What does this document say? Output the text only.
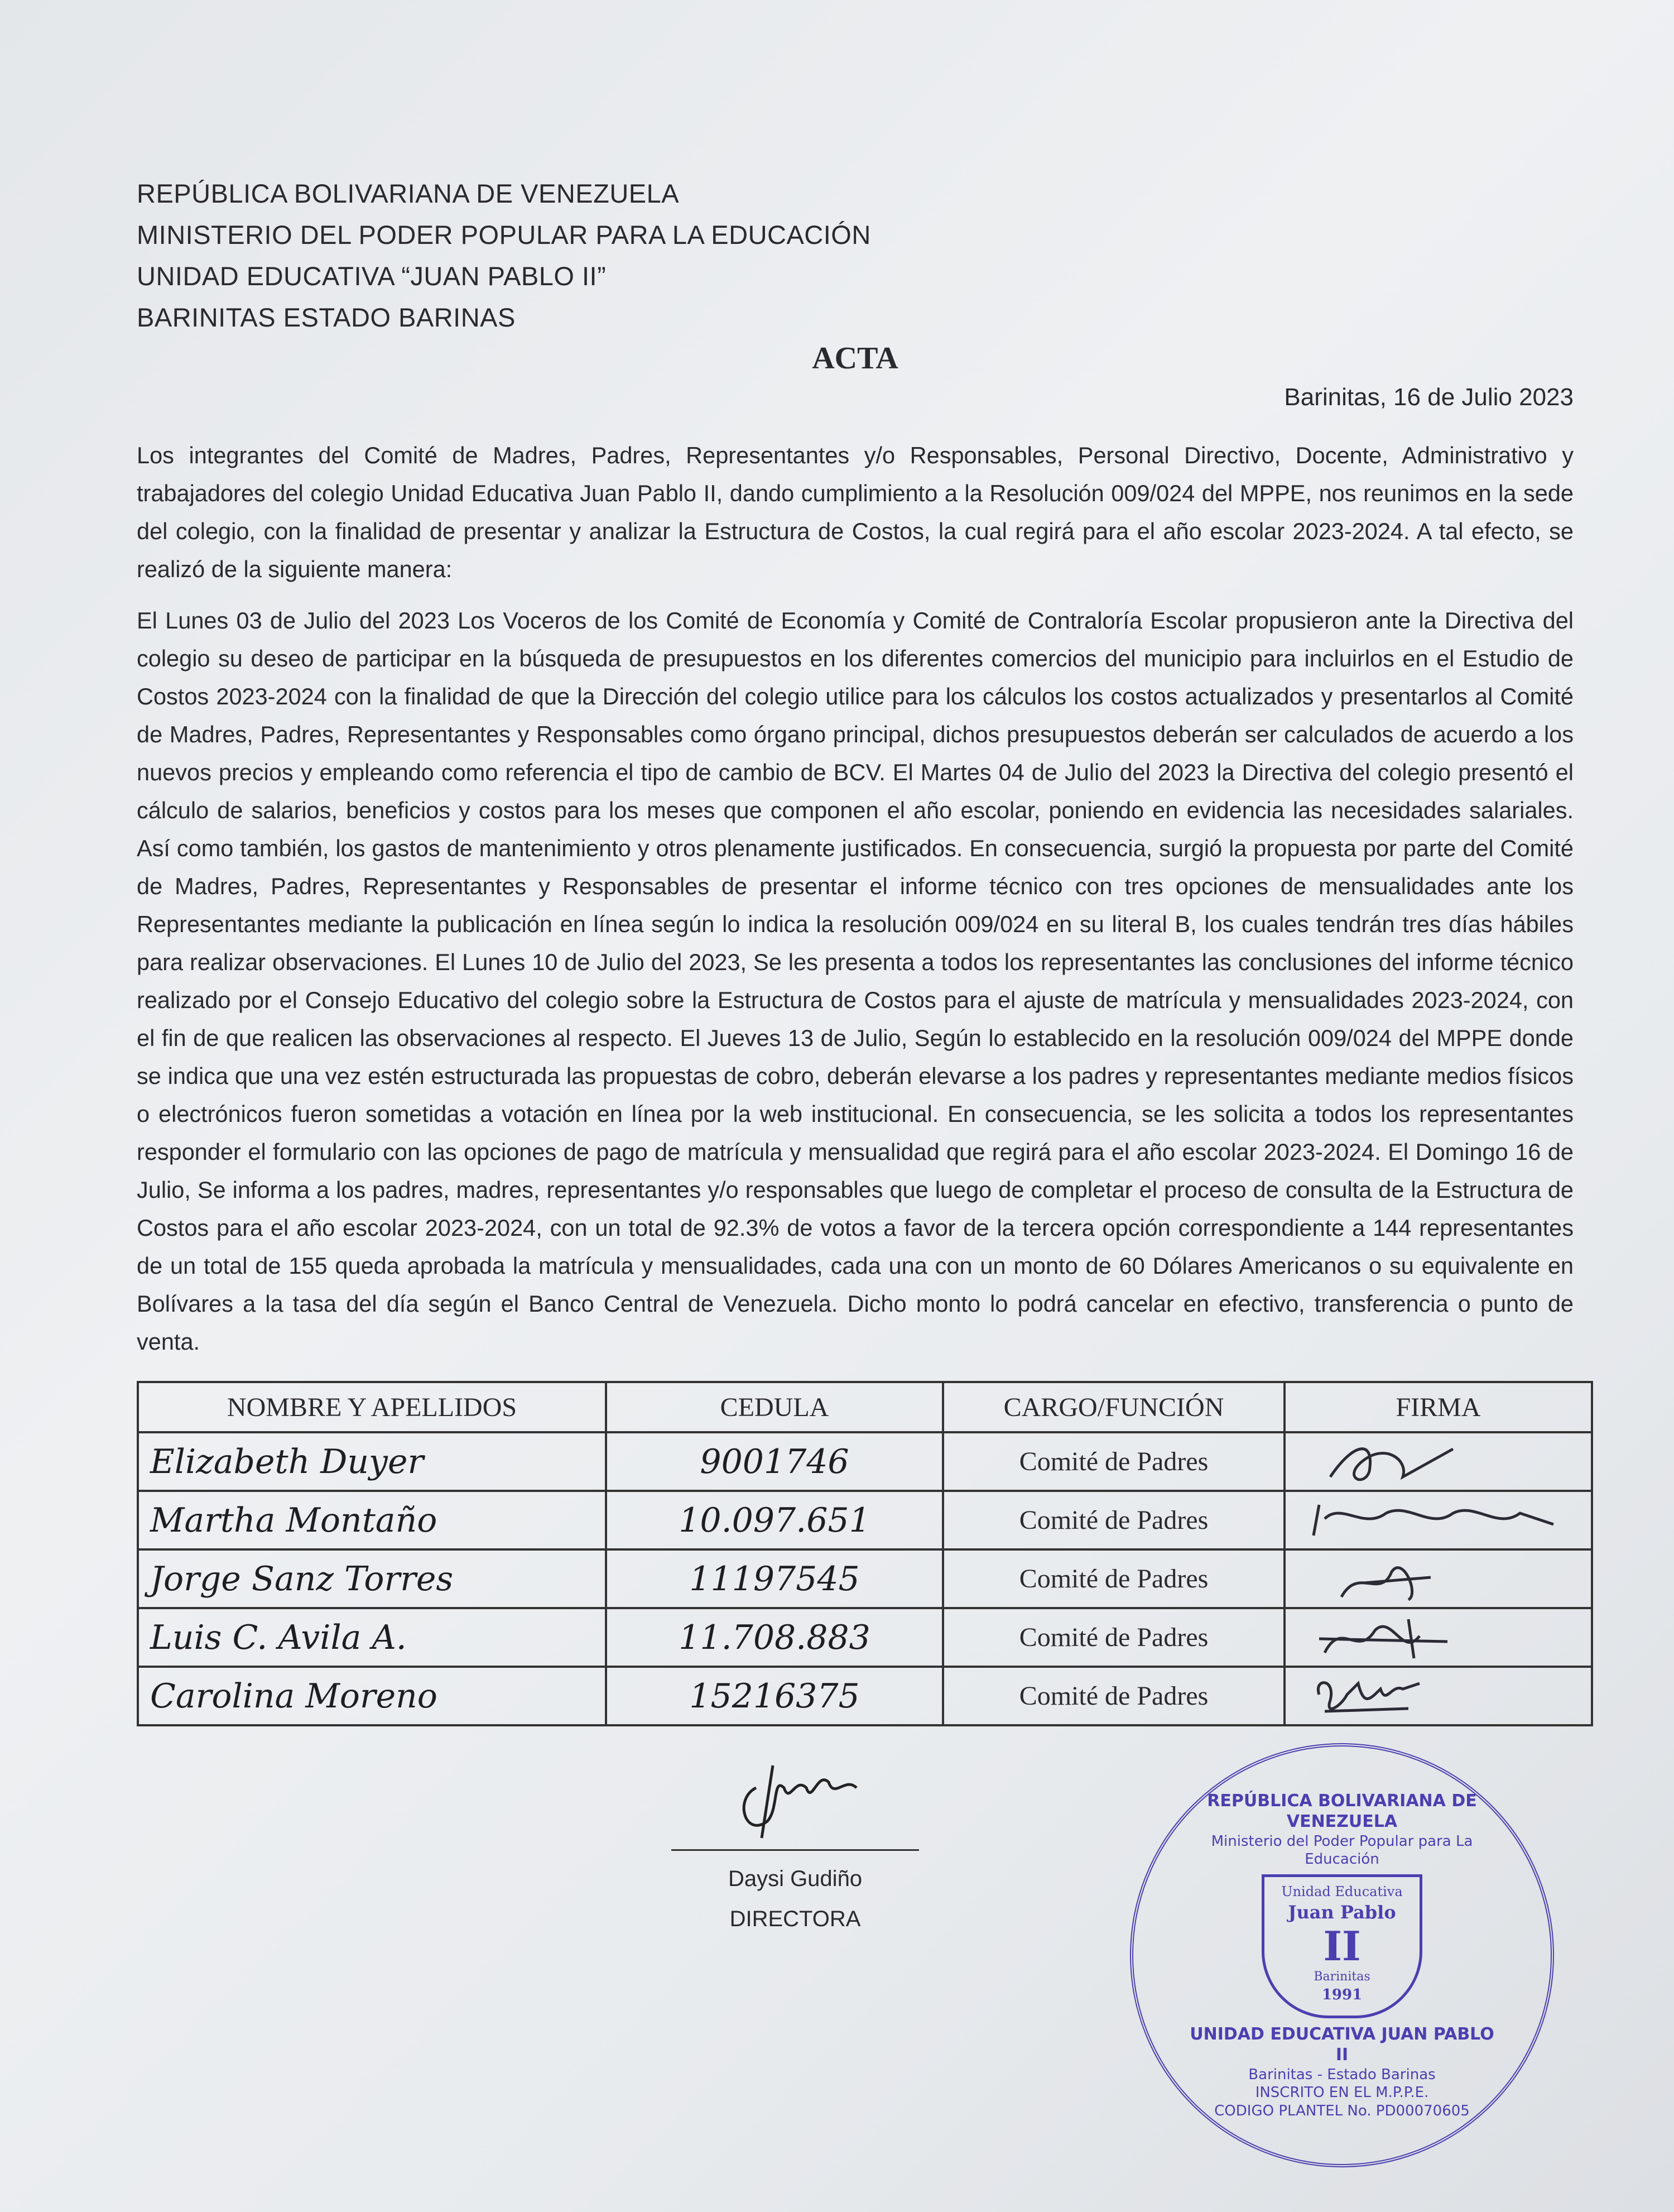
REPÚBLICA BOLIVARIANA DE VENEZUELA
MINISTERIO DEL PODER POPULAR PARA LA EDUCACIÓN
UNIDAD EDUCATIVA “JUAN PABLO II”
BARINITAS ESTADO BARINAS
ACTA
Barinitas, 16 de Julio 2023
Los integrantes del Comité de Madres, Padres, Representantes y/o Responsables, Personal Directivo, Docente, Administrativo y trabajadores del colegio Unidad Educativa Juan Pablo II, dando cumplimiento a la Resolución 009/024 del MPPE, nos reunimos en la sede del colegio, con la finalidad de presentar y analizar la Estructura de Costos, la cual regirá para el año escolar 2023-2024. A tal efecto, se realizó de la siguiente manera:
El Lunes 03 de Julio del 2023 Los Voceros de los Comité de Economía y Comité de Contraloría Escolar propusieron ante la Directiva del colegio su deseo de participar en la búsqueda de presupuestos en los diferentes comercios del municipio para incluirlos en el Estudio de Costos 2023-2024 con la finalidad de que la Dirección del colegio utilice para los cálculos los costos actualizados y presentarlos al Comité de Madres, Padres, Representantes y Responsables como órgano principal, dichos presupuestos deberán ser calculados de acuerdo a los nuevos precios y empleando como referencia el tipo de cambio de BCV. El Martes 04 de Julio del 2023 la Directiva del colegio presentó el cálculo de salarios, beneficios y costos para los meses que componen el año escolar, poniendo en evidencia las necesidades salariales. Así como también, los gastos de mantenimiento y otros plenamente justificados. En consecuencia, surgió la propuesta por parte del Comité de Madres, Padres, Representantes y Responsables de presentar el informe técnico con tres opciones de mensualidades ante los Representantes mediante la publicación en línea según lo indica la resolución 009/024 en su literal B, los cuales tendrán tres días hábiles para realizar observaciones. El Lunes 10 de Julio del 2023, Se les presenta a todos los representantes las conclusiones del informe técnico realizado por el Consejo Educativo del colegio sobre la Estructura de Costos para el ajuste de matrícula y mensualidades 2023-2024, con el fin de que realicen las observaciones al respecto. El Jueves 13 de Julio, Según lo establecido en la resolución 009/024 del MPPE donde se indica que una vez estén estructurada las propuestas de cobro, deberán elevarse a los padres y representantes mediante medios físicos o electrónicos fueron sometidas a votación en línea por la web institucional. En consecuencia, se les solicita a todos los representantes responder el formulario con las opciones de pago de matrícula y mensualidad que regirá para el año escolar 2023-2024. El Domingo 16 de Julio, Se informa a los padres, madres, representantes y/o responsables que luego de completar el proceso de consulta de la Estructura de Costos para el año escolar 2023-2024, con un total de 92.3% de votos a favor de la tercera opción correspondiente a 144 representantes de un total de 155 queda aprobada la matrícula y mensualidades, cada una con un monto de 60 Dólares Americanos o su equivalente en Bolívares a la tasa del día según el Banco Central de Venezuela. Dicho monto lo podrá cancelar en efectivo, transferencia o punto de venta.
NOMBRE Y APELLIDOS	CEDULA	CARGO/FUNCIÓN	FIRMA
Elizabeth Duyer	9001746	Comité de Padres	

Martha Montaño	10.097.651	Comité de Padres	

Jorge Sanz Torres	11197545	Comité de Padres	

Luis C. Avila A.	11.708.883	Comité de Padres	

Carolina Moreno	15216375	Comité de Padres	
Daysi Gudiño
DIRECTORA
REPÚBLICA BOLIVARIANA DE VENEZUELA
Ministerio del Poder Popular para La Educación
Unidad Educativa
Juan Pablo
II
Barinitas
1991
UNIDAD EDUCATIVA JUAN PABLO II
Barinitas - Estado Barinas
INSCRITO EN EL M.P.P.E.
CODIGO PLANTEL No. PD00070605
